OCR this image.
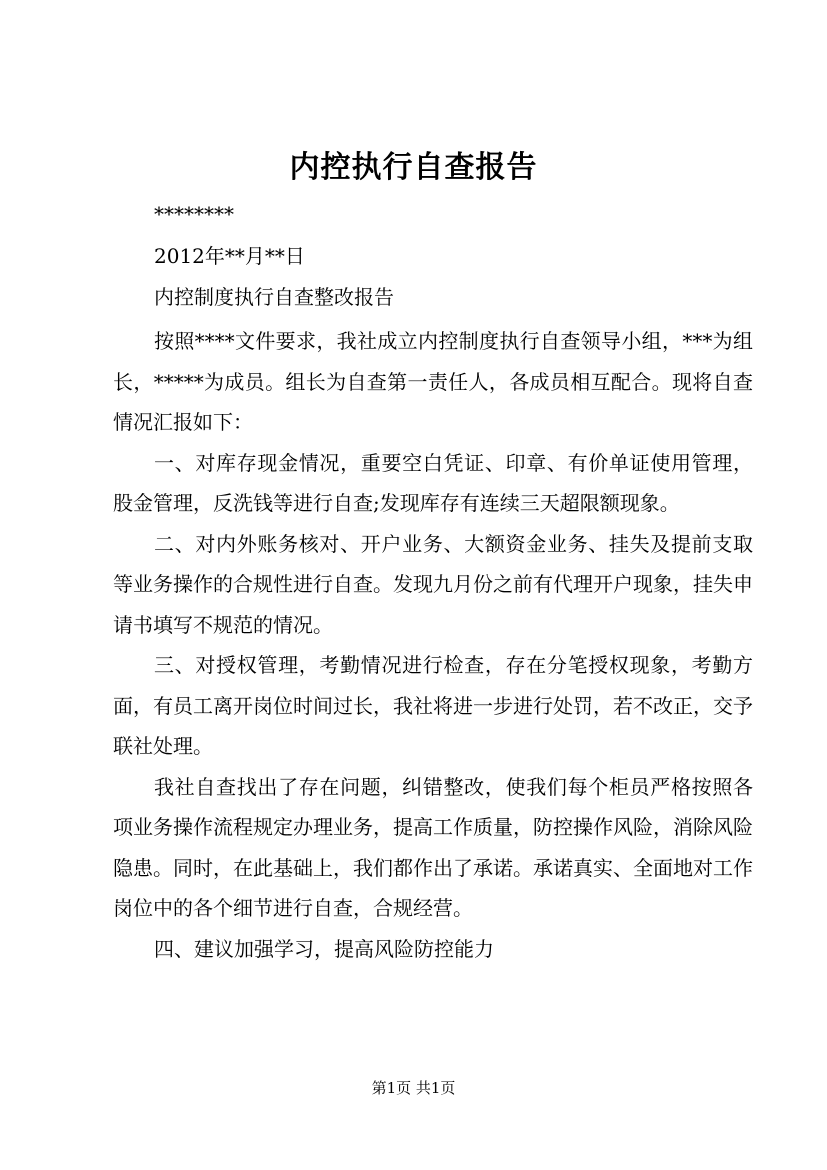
内控执行自查报告
********
2012年**月**日
内控制度执行自查整改报告

按照****文件要求，我社成立内控制度执行自查领导小组，***为组长，*****为成员。组长为自查第一责任人，各成员相互配合。现将自查情况汇报如下：

一、对库存现金情况，重要空白凭证、印章、有价单证使用管理，股金管理，反洗钱等进行自查;发现库存有连续三天超限额现象。

二、对内外账务核对、开户业务、大额资金业务、挂失及提前支取等业务操作的合规性进行自查。发现九月份之前有代理开户现象，挂失申请书填写不规范的情况。

三、对授权管理，考勤情况进行检查，存在分笔授权现象，考勤方面，有员工离开岗位时间过长，我社将进一步进行处罚，若不改正，交予联社处理。

我社自查找出了存在问题，纠错整改，使我们每个柜员严格按照各项业务操作流程规定办理业务，提高工作质量，防控操作风险，消除风险隐患。同时，在此基础上，我们都作出了承诺。承诺真实、全面地对工作岗位中的各个细节进行自查，合规经营。

四、建议加强学习，提高风险防控能力

第1页 共1页
